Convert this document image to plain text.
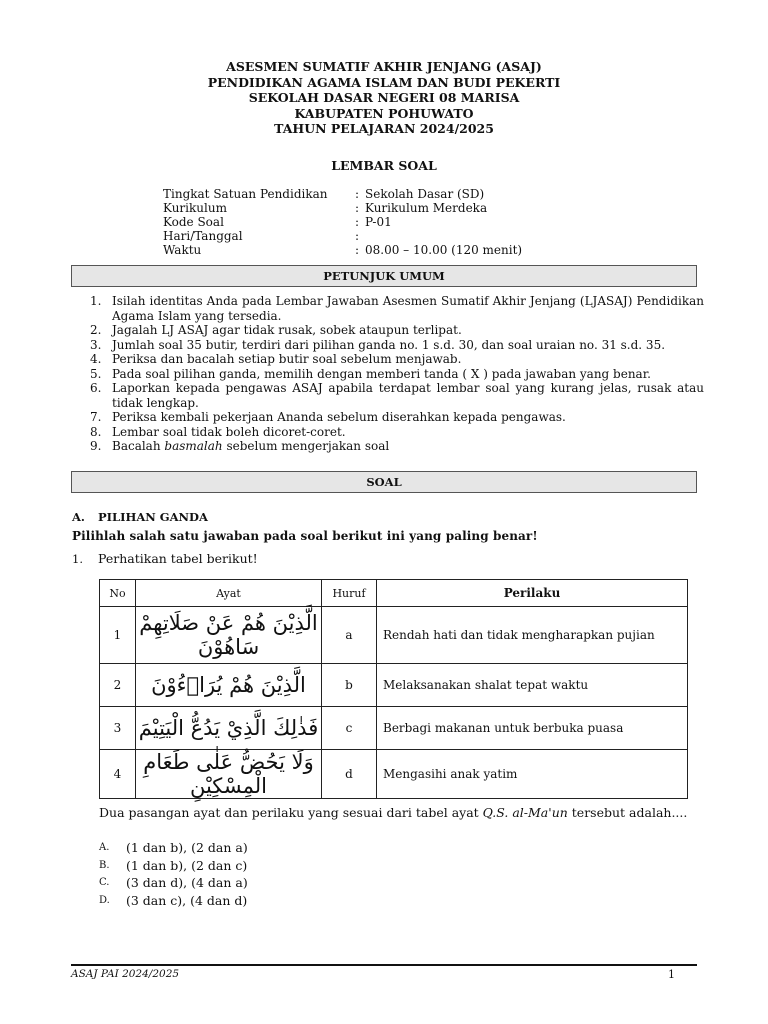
ASESMEN SUMATIF AKHIR JENJANG (ASAJ)
PENDIDIKAN AGAMA ISLAM DAN BUDI PEKERTI
SEKOLAH DASAR NEGERI 08 MARISA
KABUPATEN POHUWATO
TAHUN PELAJARAN 2024/2025
LEMBAR SOAL
Tingkat Satuan Pendidikan	: Sekolah Dasar (SD)
Kurikulum	: Kurikulum Merdeka
Kode Soal	: P-01
Hari/Tanggal	:
Waktu	: 08.00 – 10.00 (120 menit)
PETUNJUK UMUM
1. Isilah identitas Anda pada Lembar Jawaban Asesmen Sumatif Akhir Jenjang (LJASAJ) Pendidikan Agama Islam yang tersedia.
2. Jagalah LJ ASAJ agar tidak rusak, sobek ataupun terlipat.
3. Jumlah soal 35 butir, terdiri dari pilihan ganda no. 1 s.d. 30, dan soal uraian no. 31 s.d. 35.
4. Periksa dan bacalah setiap butir soal sebelum menjawab.
5. Pada soal pilihan ganda, memilih dengan memberi tanda ( X ) pada jawaban yang benar.
6. Laporkan kepada pengawas ASAJ apabila terdapat lembar soal yang kurang jelas, rusak atau tidak lengkap.
7. Periksa kembali pekerjaan Ananda sebelum diserahkan kepada pengawas.
8. Lembar soal tidak boleh dicoret-coret.
9. Bacalah basmalah sebelum mengerjakan soal
SOAL
A. PILIHAN GANDA
Pilihlah salah satu jawaban pada soal berikut ini yang paling benar!
1. Perhatikan tabel berikut!
No	Ayat	Huruf	Perilaku
1	الَّذِيْنَ هُمْ عَنْ صَلَاتِهِمْ سَاهُوْنَ	a	Rendah hati dan tidak mengharapkan pujian
2	الَّذِيْنَ هُمْ يُرَاۤءُوْنَ	b	Melaksanakan shalat tepat waktu
3	فَذٰلِكَ الَّذِيْ يَدُعُّ الْيَتِيْمَ	c	Berbagi makanan untuk berbuka puasa
4	وَلَا يَحُضُّ عَلٰى طَعَامِ الْمِسْكِيْنِ	d	Mengasihi anak yatim
Dua pasangan ayat dan perilaku yang sesuai dari tabel ayat Q.S. al-Ma'un tersebut adalah....
A.	(1 dan b), (2 dan a)
B.	(1 dan b), (2 dan c)
C.	(3 dan d), (4 dan a)
D.	(3 dan c), (4 dan d)
ASAJ PAI 2024/2025	1
